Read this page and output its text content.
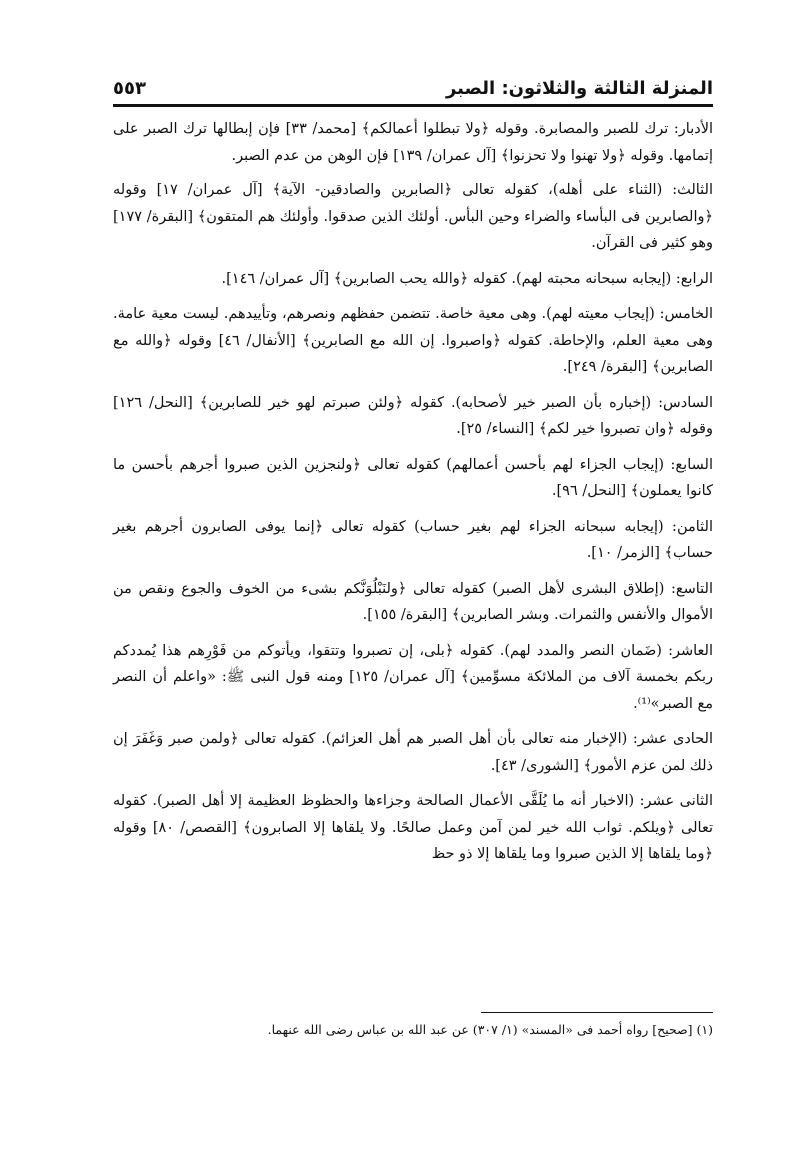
المنزلة الثالثة والثلاثون: الصبر
٥٥٣

الأدبار: ترك للصبر والمصابرة. وقوله ﴿ولا تبطلوا أعمالكم﴾ [محمد/ ٣٣] فإن إبطالها ترك الصبر على إتمامها. وقوله ﴿ولا تهنوا ولا تحزنوا﴾ [آل عمران/ ١٣٩] فإن الوهن من عدم الصبر.

الثالث: (الثناء على أهله)، كقوله تعالى ﴿الصابرين والصادقين- الآية﴾ [آل عمران/ ١٧] وقوله ﴿والصابرين فى البأساء والضراء وحين البأس. أولئك الذين صدقوا. وأولئك هم المتقون﴾ [البقرة/ ١٧٧] وهو كثير فى القرآن.

الرابع: (إيجابه سبحانه محبته لهم). كقوله ﴿والله يحب الصابرين﴾ [آل عمران/ ١٤٦].

الخامس: (إيجاب معيته لهم). وهى معية خاصة. تتضمن حفظهم ونصرهم، وتأييدهم. ليست معية عامة. وهى معية العلم، والإحاطة. كقوله ﴿واصبروا. إن الله مع الصابرين﴾ [الأنفال/ ٤٦] وقوله ﴿والله مع الصابرين﴾ [البقرة/ ٢٤٩].

السادس: (إخباره بأن الصبر خير لأصحابه). كقوله ﴿ولئن صبرتم لهو خير للصابرين﴾ [النحل/ ١٢٦] وقوله ﴿وان تصبروا خير لكم﴾ [النساء/ ٢٥].

السابع: (إيجاب الجزاء لهم بأحسن أعمالهم) كقوله تعالى ﴿ولنجزين الذين صبروا أجرهم بأحسن ما كانوا يعملون﴾ [النحل/ ٩٦].

الثامن: (إيجابه سبحانه الجزاء لهم بغير حساب) كقوله تعالى ﴿إنما يوفى الصابرون أجرهم بغير حساب﴾ [الزمر/ ١٠].

التاسع: (إطلاق البشرى لأهل الصبر) كقوله تعالى ﴿ولنَبْلُوَنَّكم بشىء من الخوف والجوع ونقص من الأموال والأنفس والثمرات. وبشر الصابرين﴾ [البقرة/ ١٥٥].

العاشر: (ضَمان النصر والمدد لهم). كقوله ﴿بلى، إن تصبروا وتتقوا، ويأتوكم من فَوْرِهم هذا يُمددكم ربكم بخمسة آلاف من الملائكة مسوِّمين﴾ [آل عمران/ ١٢٥] ومنه قول النبى ﷺ: «واعلم أن النصر مع الصبر»⁽¹⁾.

الحادى عشر: (الإخبار منه تعالى بأن أهل الصبر هم أهل العزائم). كقوله تعالى ﴿ولمن صبر وَغَفَرَ إن ذلك لمن عزم الأمور﴾ [الشورى/ ٤٣].

الثانى عشر: (الاخبار أنه ما يُلَقَّى الأعمال الصالحة وجزاءها والحظوظ العظيمة إلا أهل الصبر). كقوله تعالى ﴿ويلكم. ثواب الله خير لمن آمن وعمل صالحًا. ولا يلقاها إلا الصابرون﴾ [القصص/ ٨٠] وقوله ﴿وما يلقاها إلا الذين صبروا وما يلقاها إلا ذو حظ

(١) [صحيح] رواه أحمد فى «المسند» (١/ ٣٠٧) عن عبد الله بن عباس رضى الله عنهما.
